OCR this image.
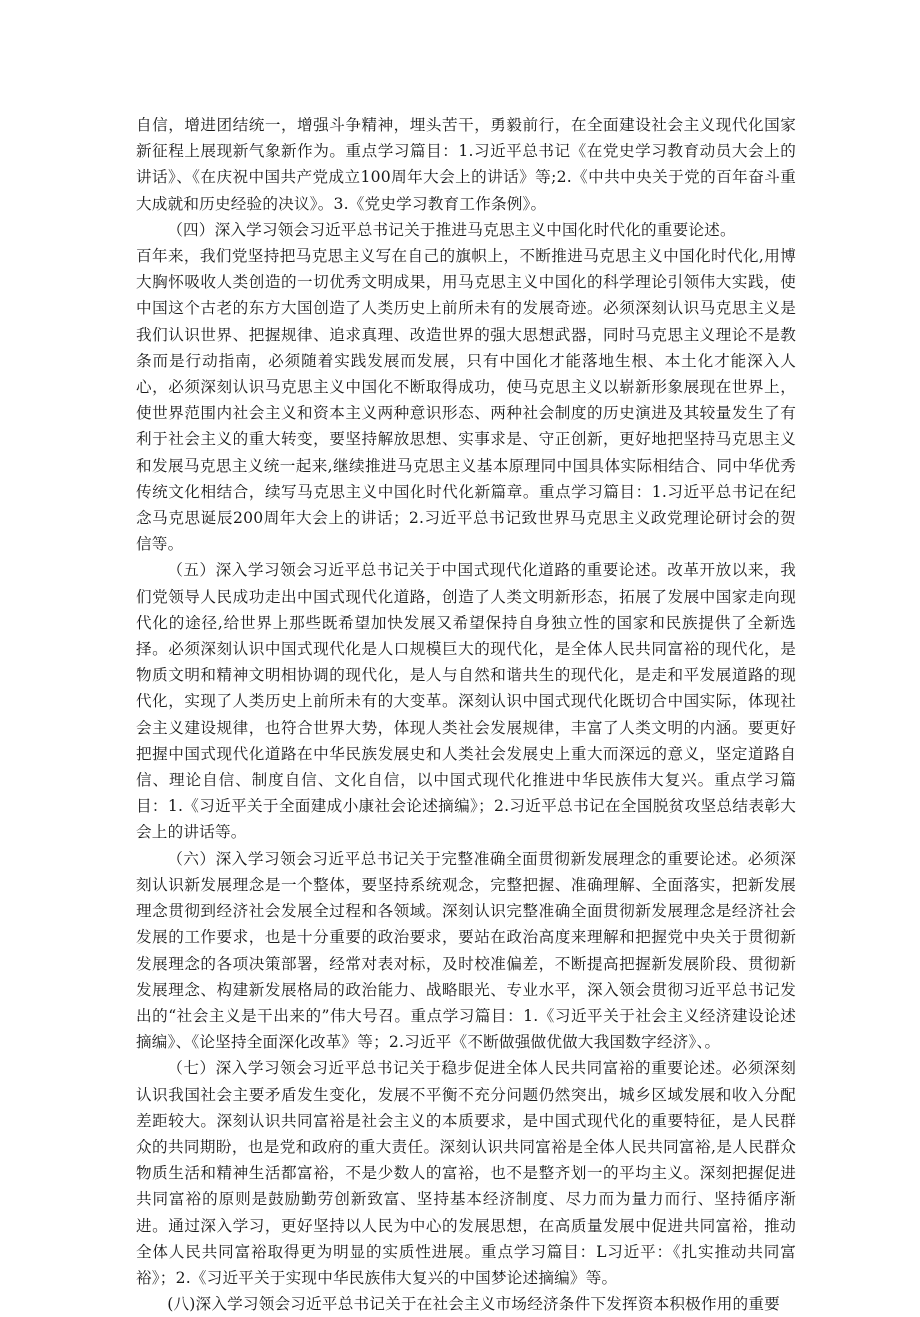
自信，增进团结统一，增强斗争精神，埋头苦干，勇毅前行，在全面建设社会主义现代化国家新征程上展现新气象新作为。重点学习篇目：1.习近平总书记《在党史学习教育动员大会上的讲话》、《在庆祝中国共产党成立100周年大会上的讲话》等;2.《中共中央关于党的百年奋斗重大成就和历史经验的决议》。3.《党史学习教育工作条例》。

（四）深入学习领会习近平总书记关于推进马克思主义中国化时代化的重要论述。

百年来，我们党坚持把马克思主义写在自己的旗帜上，不断推进马克思主义中国化时代化,用博大胸怀吸收人类创造的一切优秀文明成果，用马克思主义中国化的科学理论引领伟大实践，使中国这个古老的东方大国创造了人类历史上前所未有的发展奇迹。必须深刻认识马克思主义是我们认识世界、把握规律、追求真理、改造世界的强大思想武器，同时马克思主义理论不是教条而是行动指南，必须随着实践发展而发展，只有中国化才能落地生根、本土化才能深入人心，必须深刻认识马克思主义中国化不断取得成功，使马克思主义以崭新形象展现在世界上，使世界范围内社会主义和资本主义两种意识形态、两种社会制度的历史演进及其较量发生了有利于社会主义的重大转变，要坚持解放思想、实事求是、守正创新，更好地把坚持马克思主义和发展马克思主义统一起来,继续推进马克思主义基本原理同中国具体实际相结合、同中华优秀传统文化相结合，续写马克思主义中国化时代化新篇章。重点学习篇目：1.习近平总书记在纪念马克思诞辰200周年大会上的讲话；2.习近平总书记致世界马克思主义政党理论研讨会的贺信等。

（五）深入学习领会习近平总书记关于中国式现代化道路的重要论述。改革开放以来，我们党领导人民成功走出中国式现代化道路，创造了人类文明新形态，拓展了发展中国家走向现代化的途径,给世界上那些既希望加快发展又希望保持自身独立性的国家和民族提供了全新选择。必须深刻认识中国式现代化是人口规模巨大的现代化，是全体人民共同富裕的现代化，是物质文明和精神文明相协调的现代化，是人与自然和谐共生的现代化，是走和平发展道路的现代化，实现了人类历史上前所未有的大变革。深刻认识中国式现代化既切合中国实际，体现社会主义建设规律，也符合世界大势，体现人类社会发展规律，丰富了人类文明的内涵。要更好把握中国式现代化道路在中华民族发展史和人类社会发展史上重大而深远的意义，坚定道路自信、理论自信、制度自信、文化自信，以中国式现代化推进中华民族伟大复兴。重点学习篇目：1.《习近平关于全面建成小康社会论述摘编》；2.习近平总书记在全国脱贫攻坚总结表彰大会上的讲话等。

（六）深入学习领会习近平总书记关于完整准确全面贯彻新发展理念的重要论述。必须深刻认识新发展理念是一个整体，要坚持系统观念，完整把握、准确理解、全面落实，把新发展理念贯彻到经济社会发展全过程和各领域。深刻认识完整准确全面贯彻新发展理念是经济社会发展的工作要求，也是十分重要的政治要求，要站在政治高度来理解和把握党中央关于贯彻新发展理念的各项决策部署，经常对表对标，及时校准偏差，不断提高把握新发展阶段、贯彻新发展理念、构建新发展格局的政治能力、战略眼光、专业水平，深入领会贯彻习近平总书记发出的“社会主义是干出来的”伟大号召。重点学习篇目：1.《习近平关于社会主义经济建设论述摘编》、《论坚持全面深化改革》等；2.习近平《不断做强做优做大我国数字经济》、。

（七）深入学习领会习近平总书记关于稳步促进全体人民共同富裕的重要论述。必须深刻认识我国社会主要矛盾发生变化，发展不平衡不充分问题仍然突出，城乡区域发展和收入分配差距较大。深刻认识共同富裕是社会主义的本质要求，是中国式现代化的重要特征，是人民群众的共同期盼，也是党和政府的重大责任。深刻认识共同富裕是全体人民共同富裕,是人民群众物质生活和精神生活都富裕，不是少数人的富裕，也不是整齐划一的平均主义。深刻把握促进共同富裕的原则是鼓励勤劳创新致富、坚持基本经济制度、尽力而为量力而行、坚持循序渐进。通过深入学习，更好坚持以人民为中心的发展思想，在高质量发展中促进共同富裕，推动全体人民共同富裕取得更为明显的实质性进展。重点学习篇目：L习近平：《扎实推动共同富裕》；2.《习近平关于实现中华民族伟大复兴的中国梦论述摘编》等。

(八)深入学习领会习近平总书记关于在社会主义市场经济条件下发挥资本积极作用的重要
